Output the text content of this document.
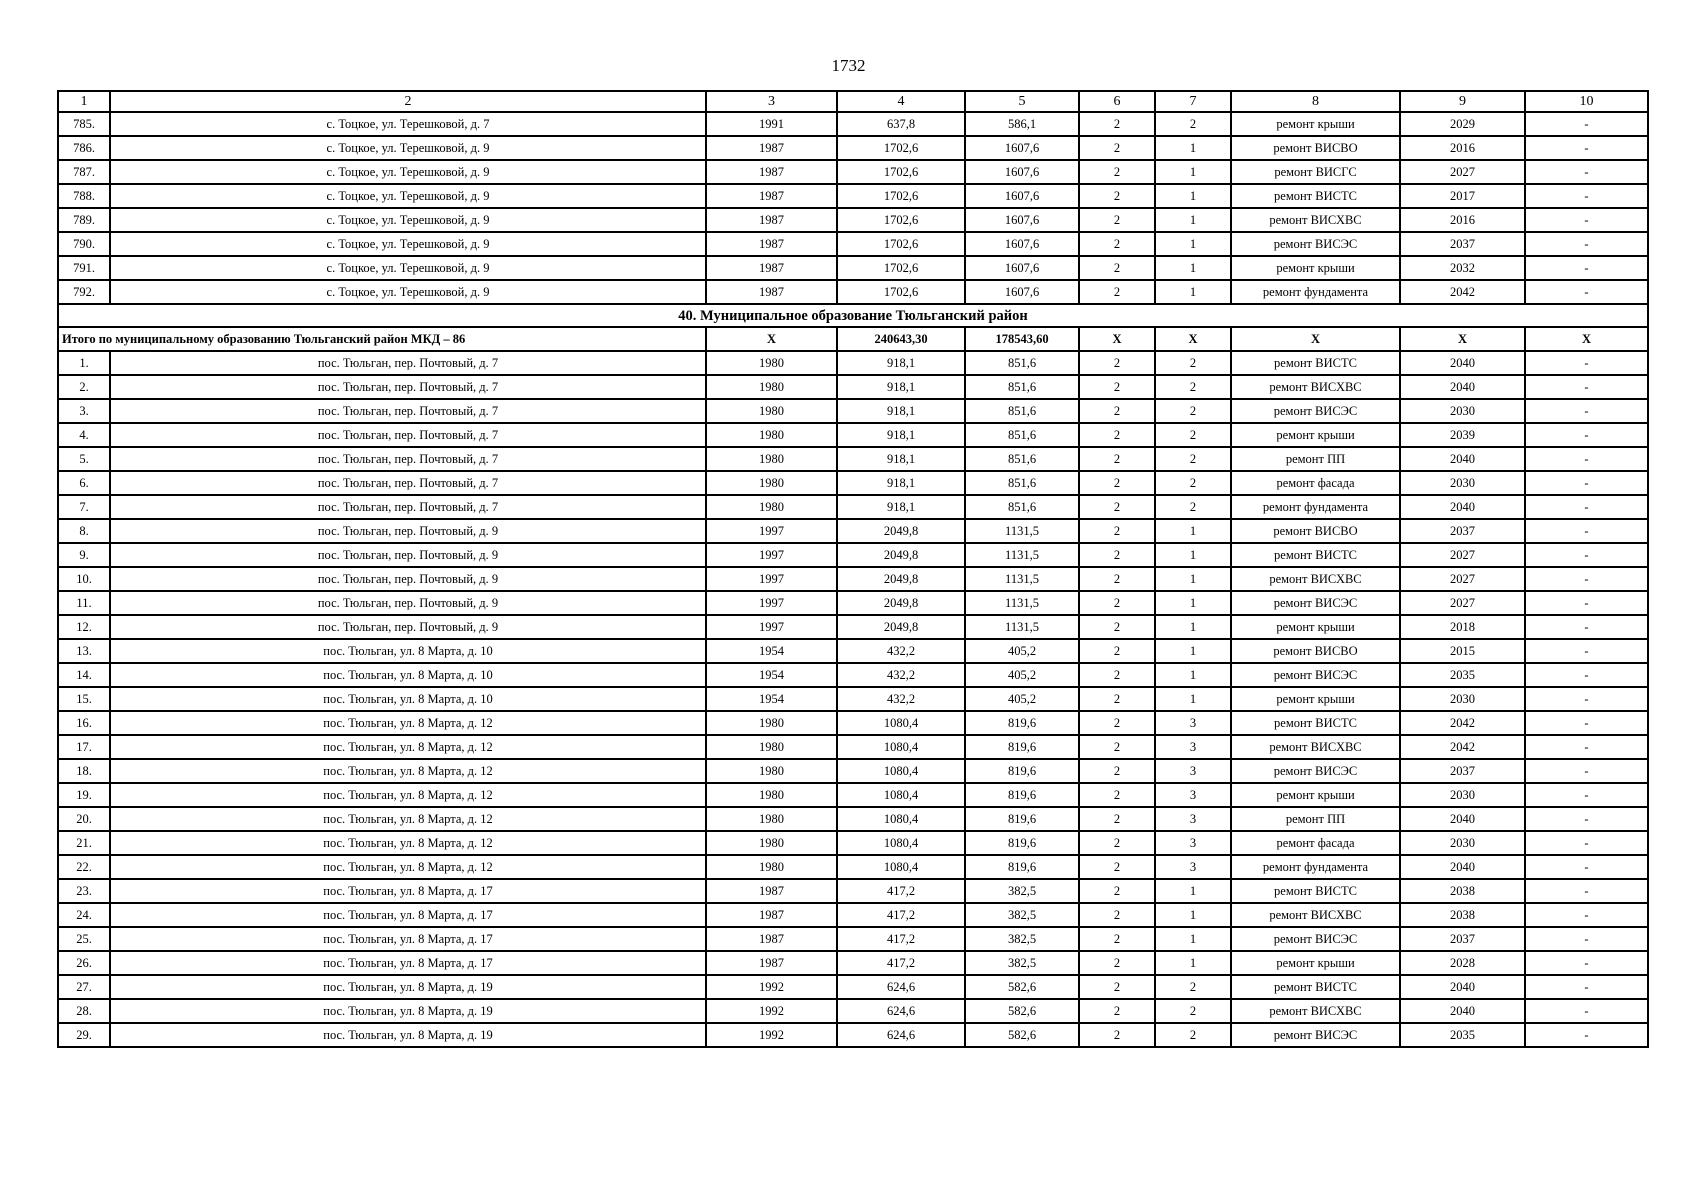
1732
1	2	3	4	5	6	7	8	9	10
785.	с. Тоцкое, ул. Терешковой, д. 7	1991	637,8	586,1	2	2	ремонт крыши	2029	-
786.	с. Тоцкое, ул. Терешковой, д. 9	1987	1702,6	1607,6	2	1	ремонт ВИСВО	2016	-
787.	с. Тоцкое, ул. Терешковой, д. 9	1987	1702,6	1607,6	2	1	ремонт ВИСГС	2027	-
788.	с. Тоцкое, ул. Терешковой, д. 9	1987	1702,6	1607,6	2	1	ремонт ВИСТС	2017	-
789.	с. Тоцкое, ул. Терешковой, д. 9	1987	1702,6	1607,6	2	1	ремонт ВИСХВС	2016	-
790.	с. Тоцкое, ул. Терешковой, д. 9	1987	1702,6	1607,6	2	1	ремонт ВИСЭС	2037	-
791.	с. Тоцкое, ул. Терешковой, д. 9	1987	1702,6	1607,6	2	1	ремонт крыши	2032	-
792.	с. Тоцкое, ул. Терешковой, д. 9	1987	1702,6	1607,6	2	1	ремонт фундамента	2042	-
40. Муниципальное образование Тюльганский район									
Итого по муниципальному образованию Тюльганский район МКД – 86		X	240643,30	178543,60	X	X	X	X	X
1.	пос. Тюльган, пер. Почтовый, д. 7	1980	918,1	851,6	2	2	ремонт ВИСТС	2040	-
2.	пос. Тюльган, пер. Почтовый, д. 7	1980	918,1	851,6	2	2	ремонт ВИСХВС	2040	-
3.	пос. Тюльган, пер. Почтовый, д. 7	1980	918,1	851,6	2	2	ремонт ВИСЭС	2030	-
4.	пос. Тюльган, пер. Почтовый, д. 7	1980	918,1	851,6	2	2	ремонт крыши	2039	-
5.	пос. Тюльган, пер. Почтовый, д. 7	1980	918,1	851,6	2	2	ремонт ПП	2040	-
6.	пос. Тюльган, пер. Почтовый, д. 7	1980	918,1	851,6	2	2	ремонт фасада	2030	-
7.	пос. Тюльган, пер. Почтовый, д. 7	1980	918,1	851,6	2	2	ремонт фундамента	2040	-
8.	пос. Тюльган, пер. Почтовый, д. 9	1997	2049,8	1131,5	2	1	ремонт ВИСВО	2037	-
9.	пос. Тюльган, пер. Почтовый, д. 9	1997	2049,8	1131,5	2	1	ремонт ВИСТС	2027	-
10.	пос. Тюльган, пер. Почтовый, д. 9	1997	2049,8	1131,5	2	1	ремонт ВИСХВС	2027	-
11.	пос. Тюльган, пер. Почтовый, д. 9	1997	2049,8	1131,5	2	1	ремонт ВИСЭС	2027	-
12.	пос. Тюльган, пер. Почтовый, д. 9	1997	2049,8	1131,5	2	1	ремонт крыши	2018	-
13.	пос. Тюльган, ул. 8 Марта, д. 10	1954	432,2	405,2	2	1	ремонт ВИСВО	2015	-
14.	пос. Тюльган, ул. 8 Марта, д. 10	1954	432,2	405,2	2	1	ремонт ВИСЭС	2035	-
15.	пос. Тюльган, ул. 8 Марта, д. 10	1954	432,2	405,2	2	1	ремонт крыши	2030	-
16.	пос. Тюльган, ул. 8 Марта, д. 12	1980	1080,4	819,6	2	3	ремонт ВИСТС	2042	-
17.	пос. Тюльган, ул. 8 Марта, д. 12	1980	1080,4	819,6	2	3	ремонт ВИСХВС	2042	-
18.	пос. Тюльган, ул. 8 Марта, д. 12	1980	1080,4	819,6	2	3	ремонт ВИСЭС	2037	-
19.	пос. Тюльган, ул. 8 Марта, д. 12	1980	1080,4	819,6	2	3	ремонт крыши	2030	-
20.	пос. Тюльган, ул. 8 Марта, д. 12	1980	1080,4	819,6	2	3	ремонт ПП	2040	-
21.	пос. Тюльган, ул. 8 Марта, д. 12	1980	1080,4	819,6	2	3	ремонт фасада	2030	-
22.	пос. Тюльган, ул. 8 Марта, д. 12	1980	1080,4	819,6	2	3	ремонт фундамента	2040	-
23.	пос. Тюльган, ул. 8 Марта, д. 17	1987	417,2	382,5	2	1	ремонт ВИСТС	2038	-
24.	пос. Тюльган, ул. 8 Марта, д. 17	1987	417,2	382,5	2	1	ремонт ВИСХВС	2038	-
25.	пос. Тюльган, ул. 8 Марта, д. 17	1987	417,2	382,5	2	1	ремонт ВИСЭС	2037	-
26.	пос. Тюльган, ул. 8 Марта, д. 17	1987	417,2	382,5	2	1	ремонт крыши	2028	-
27.	пос. Тюльган, ул. 8 Марта, д. 19	1992	624,6	582,6	2	2	ремонт ВИСТС	2040	-
28.	пос. Тюльган, ул. 8 Марта, д. 19	1992	624,6	582,6	2	2	ремонт ВИСХВС	2040	-
29.	пос. Тюльган, ул. 8 Марта, д. 19	1992	624,6	582,6	2	2	ремонт ВИСЭС	2035	-
